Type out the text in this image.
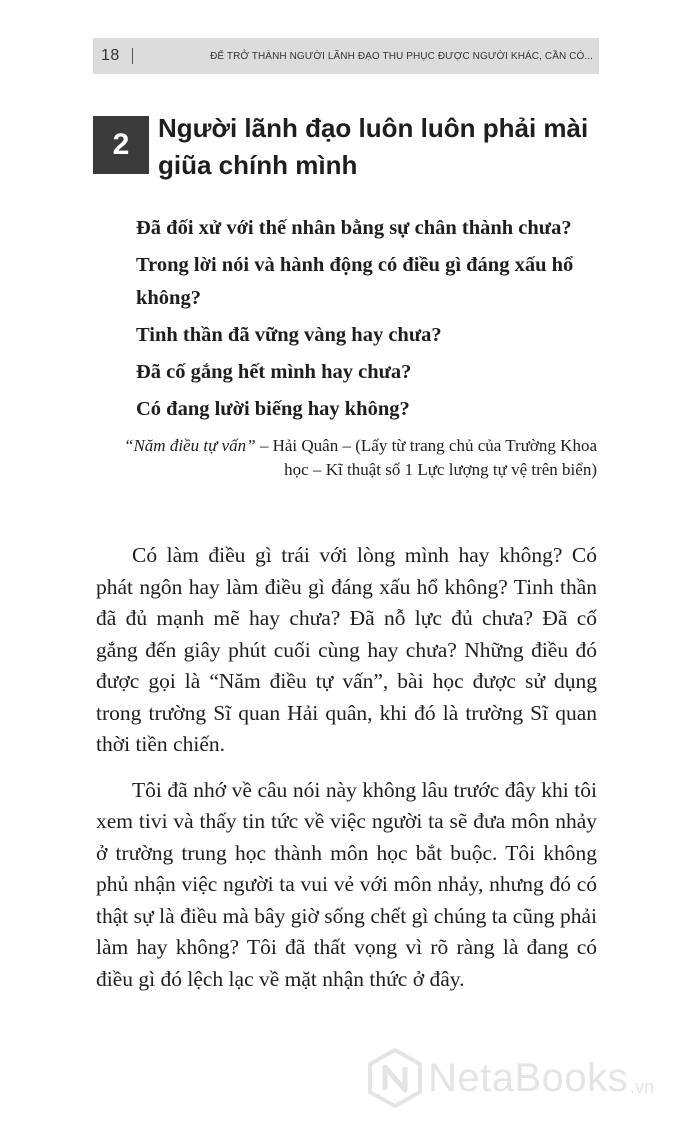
18	ĐỂ TRỞ THÀNH NGƯỜI LÃNH ĐẠO THU PHỤC ĐƯỢC NGƯỜI KHÁC, CẦN CÓ...
2	Người lãnh đạo luôn luôn phải mài giũa chính mình
Đã đối xử với thế nhân bằng sự chân thành chưa?
Trong lời nói và hành động có điều gì đáng xấu hổ không?
Tinh thần đã vững vàng hay chưa?
Đã cố gắng hết mình hay chưa?
Có đang lười biếng hay không?

“Năm điều tự vấn” – Hải Quân – (Lấy từ trang chủ của Trường Khoa học – Kĩ thuật số 1 Lực lượng tự vệ trên biển)

Có làm điều gì trái với lòng mình hay không? Có phát ngôn hay làm điều gì đáng xấu hổ không? Tinh thần đã đủ mạnh mẽ hay chưa? Đã nỗ lực đủ chưa? Đã cố gắng đến giây phút cuối cùng hay chưa? Những điều đó được gọi là “Năm điều tự vấn”, bài học được sử dụng trong trường Sĩ quan Hải quân, khi đó là trường Sĩ quan thời tiền chiến.

Tôi đã nhớ về câu nói này không lâu trước đây khi tôi xem tivi và thấy tin tức về việc người ta sẽ đưa môn nhảy ở trường trung học thành môn học bắt buộc. Tôi không phủ nhận việc người ta vui vẻ với môn nhảy, nhưng đó có thật sự là điều mà bây giờ sống chết gì chúng ta cũng phải làm hay không? Tôi đã thất vọng vì rõ ràng là đang có điều gì đó lệch lạc về mặt nhận thức ở đây.

NetaBooks .vn
